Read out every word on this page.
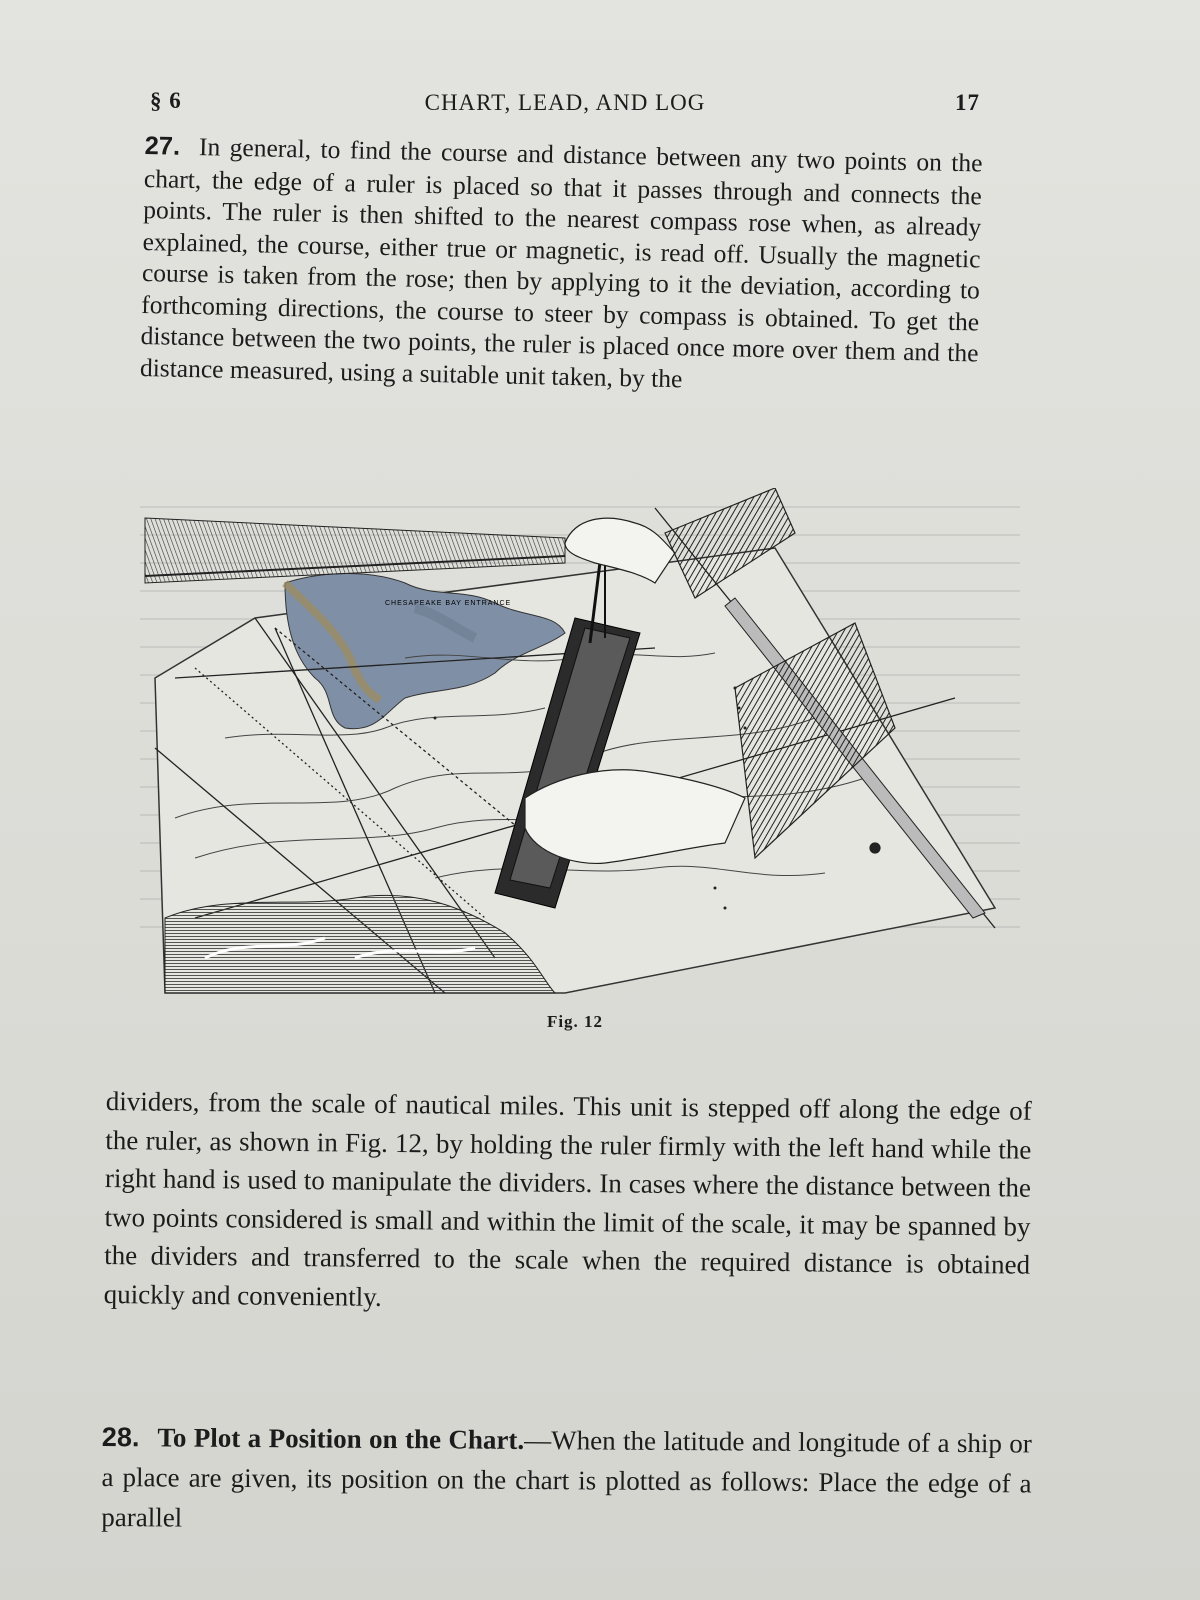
§ 6	CHART, LEAD, AND LOG	17
27. In general, to find the course and distance between any two points on the chart, the edge of a ruler is placed so that it passes through and connects the points. The ruler is then shifted to the nearest compass rose when, as already explained, the course, either true or magnetic, is read off. Usually the magnetic course is taken from the rose; then by applying to it the deviation, according to forthcoming directions, the course to steer by compass is obtained. To get the distance between the two points, the ruler is placed once more over them and the distance measured, using a suitable unit taken, by the
CHESAPEAKE BAY ENTRANCE
Fig. 12
dividers, from the scale of nautical miles. This unit is stepped off along the edge of the ruler, as shown in Fig. 12, by holding the ruler firmly with the left hand while the right hand is used to manipulate the dividers. In cases where the distance between the two points considered is small and within the limit of the scale, it may be spanned by the dividers and transferred to the scale when the required distance is obtained quickly and conveniently.
28. To Plot a Position on the Chart.—When the latitude and longitude of a ship or a place are given, its position on the chart is plotted as follows: Place the edge of a parallel
